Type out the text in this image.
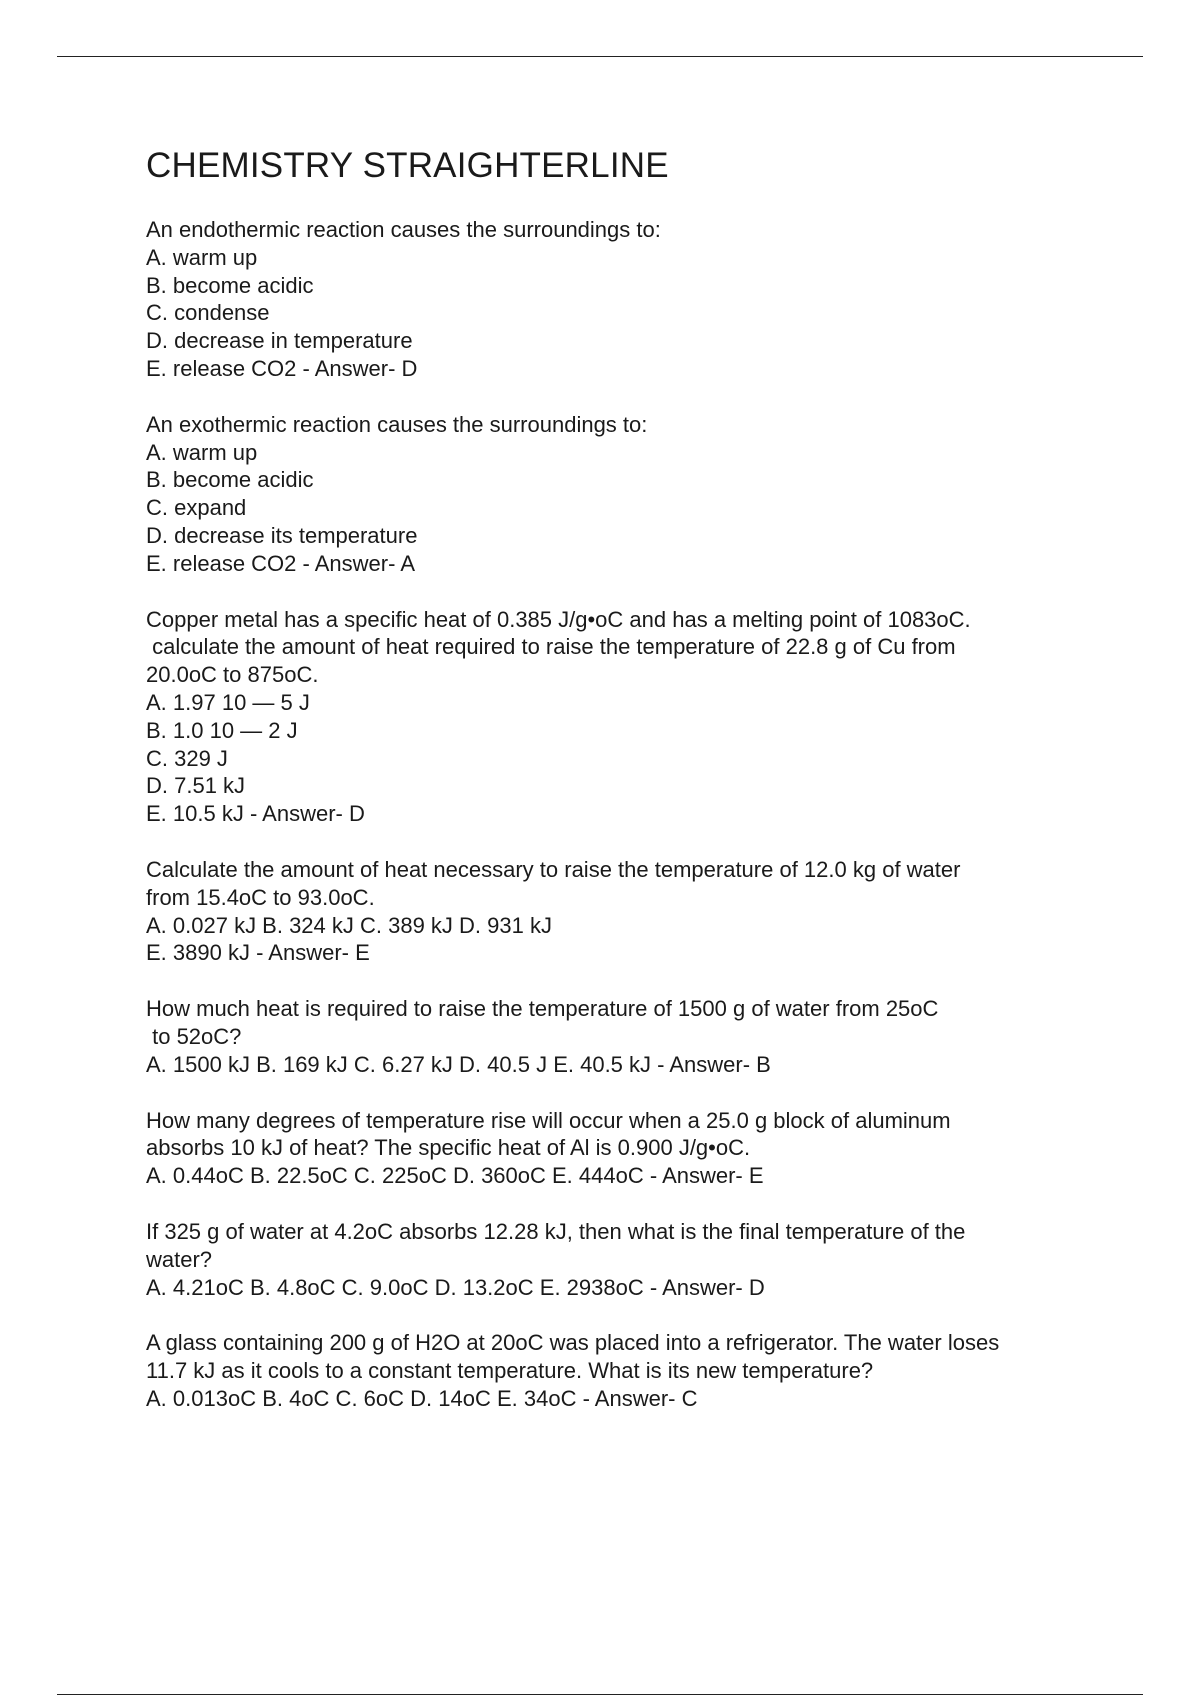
CHEMISTRY STRAIGHTERLINE
An endothermic reaction causes the surroundings to:
A. warm up
B. become acidic
C. condense
D. decrease in temperature
E. release CO2 - Answer- D
An exothermic reaction causes the surroundings to:
A. warm up
B. become acidic
C. expand
D. decrease its temperature
E. release CO2 - Answer- A
Copper metal has a specific heat of 0.385 J/g•oC and has a melting point of 1083oC.
calculate the amount of heat required to raise the temperature of 22.8 g of Cu from
20.0oC to 875oC.
A. 1.97 10 — 5 J
B. 1.0 10 — 2 J
C. 329 J
D. 7.51 kJ
E. 10.5 kJ - Answer- D
Calculate the amount of heat necessary to raise the temperature of 12.0 kg of water
from 15.4oC to 93.0oC.
A. 0.027 kJ B. 324 kJ C. 389 kJ D. 931 kJ
E. 3890 kJ - Answer- E
How much heat is required to raise the temperature of 1500 g of water from 25oC
to 52oC?
A. 1500 kJ B. 169 kJ C. 6.27 kJ D. 40.5 J E. 40.5 kJ - Answer- B
How many degrees of temperature rise will occur when a 25.0 g block of aluminum
absorbs 10 kJ of heat? The specific heat of Al is 0.900 J/g•oC.
A. 0.44oC B. 22.5oC C. 225oC D. 360oC E. 444oC - Answer- E
If 325 g of water at 4.2oC absorbs 12.28 kJ, then what is the final temperature of the
water?
A. 4.21oC B. 4.8oC C. 9.0oC D. 13.2oC E. 2938oC - Answer- D
A glass containing 200 g of H2O at 20oC was placed into a refrigerator. The water loses
11.7 kJ as it cools to a constant temperature. What is its new temperature?
A. 0.013oC B. 4oC C. 6oC D. 14oC E. 34oC - Answer- C
